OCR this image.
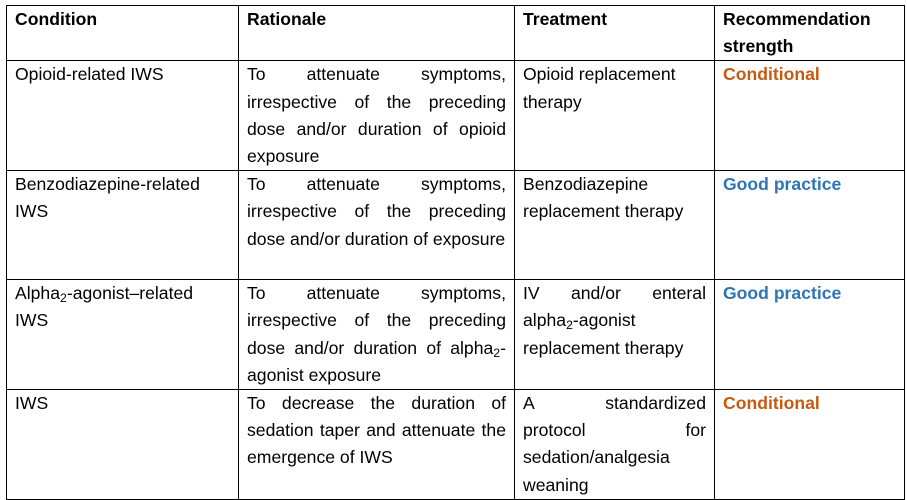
Condition	Rationale	Treatment	Recommendation strength
Opioid-related IWS	To attenuate symptoms, irrespective of the preceding dose and/or duration of opioid exposure	Opioid replacement therapy	Conditional
Benzodiazepine-related IWS	To attenuate symptoms, irrespective of the preceding dose and/or duration of exposure	Benzodiazepine replacement therapy	Good practice
Alpha$_2$-agonist–related IWS	To attenuate symptoms, irrespective of the preceding dose and/or duration of alpha$_2$-agonist exposure	IV and/or enteral alpha$_2$-agonist replacement therapy	Good practice
IWS	To decrease the duration of sedation taper and attenuate the emergence of IWS	A standardized protocol for sedation/analgesia weaning	Conditional
